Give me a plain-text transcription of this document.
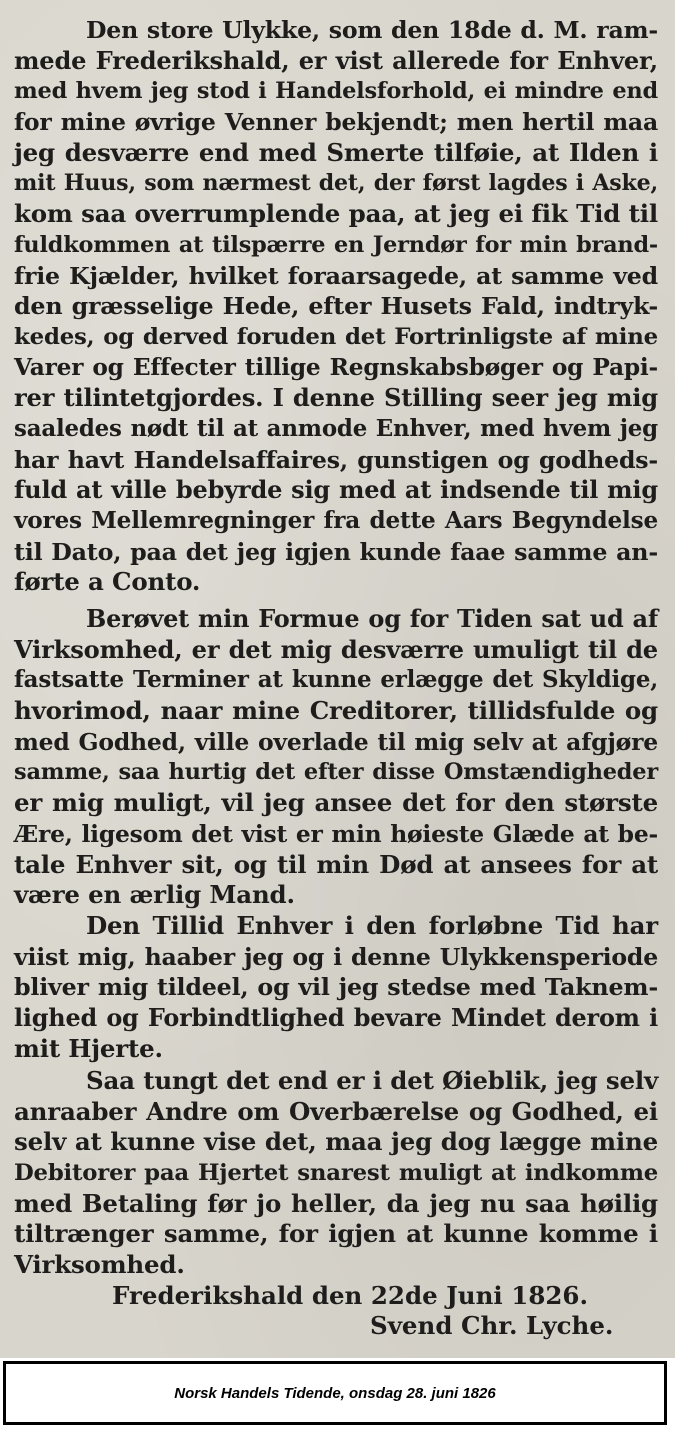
Den store Ulykke, som den 18de d. M. ram-
mede Frederikshald, er vist allerede for Enhver,
med hvem jeg stod i Handelsforhold, ei mindre end
for mine øvrige Venner bekjendt; men hertil maa
jeg desværre end med Smerte tilføie, at Ilden i
mit Huus, som nærmest det, der først lagdes i Aske,
kom saa overrumplende paa, at jeg ei fik Tid til
fuldkommen at tilspærre en Jerndør for min brand-
frie Kjælder, hvilket foraarsagede, at samme ved
den græsselige Hede, efter Husets Fald, indtryk-
kedes, og derved foruden det Fortrinligste af mine
Varer og Effecter tillige Regnskabsbøger og Papi-
rer tilintetgjordes. I denne Stilling seer jeg mig
saaledes nødt til at anmode Enhver, med hvem jeg
har havt Handelsaffaires, gunstigen og godheds-
fuld at ville bebyrde sig med at indsende til mig
vores Mellemregninger fra dette Aars Begyndelse
til Dato, paa det jeg igjen kunde faae samme an-
førte a Conto.
Berøvet min Formue og for Tiden sat ud af
Virksomhed, er det mig desværre umuligt til de
fastsatte Terminer at kunne erlægge det Skyldige,
hvorimod, naar mine Creditorer, tillidsfulde og
med Godhed, ville overlade til mig selv at afgjøre
samme, saa hurtig det efter disse Omstændigheder
er mig muligt, vil jeg ansee det for den største
Ære, ligesom det vist er min høieste Glæde at be-
tale Enhver sit, og til min Død at ansees for at
være en ærlig Mand.
Den Tillid Enhver i den forløbne Tid har
viist mig, haaber jeg og i denne Ulykkensperiode
bliver mig tildeel, og vil jeg stedse med Taknem-
lighed og Forbindtlighed bevare Mindet derom i
mit Hjerte.
Saa tungt det end er i det Øieblik, jeg selv
anraaber Andre om Overbærelse og Godhed, ei
selv at kunne vise det, maa jeg dog lægge mine
Debitorer paa Hjertet snarest muligt at indkomme
med Betaling før jo heller, da jeg nu saa høilig
tiltrænger samme, for igjen at kunne komme i
Virksomhed.
Frederikshald den 22de Juni 1826.
Svend Chr. Lyche.
Norsk Handels Tidende, onsdag 28. juni 1826
